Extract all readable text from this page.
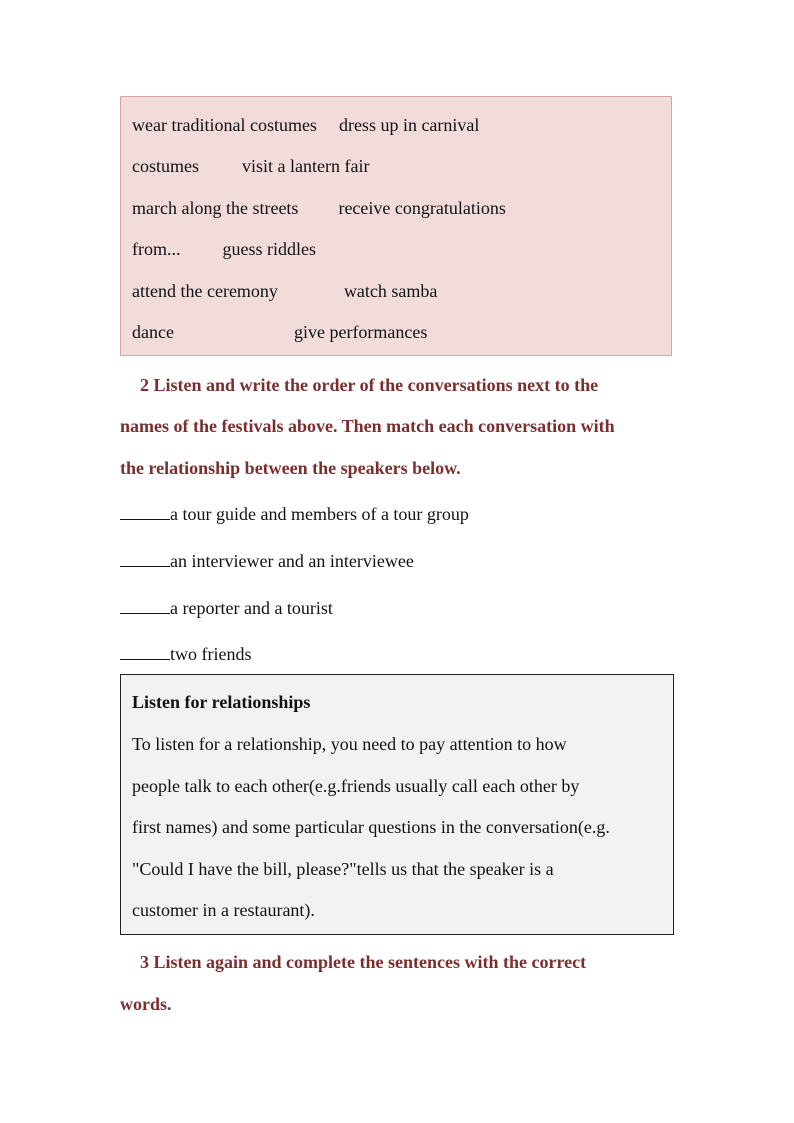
wear traditional costumes dress up in carnival
costumes visit a lantern fair
march along the streets receive congratulations
from... guess riddles
attend the ceremony	watch samba
dance	give performances
2 Listen and write the order of the conversations next to the
names of the festivals above. Then match each conversation with
the relationship between the speakers below.
a tour guide and members of a tour group
an interviewer and an interviewee
a reporter and a tourist
two friends
Listen for relationships
To listen for a relationship, you need to pay attention to how
people talk to each other(e.g.friends usually call each other by
first names) and some particular questions in the conversation(e.g.
"Could I have the bill, please?"tells us that the speaker is a
customer in a restaurant).
3 Listen again and complete the sentences with the correct
words.
